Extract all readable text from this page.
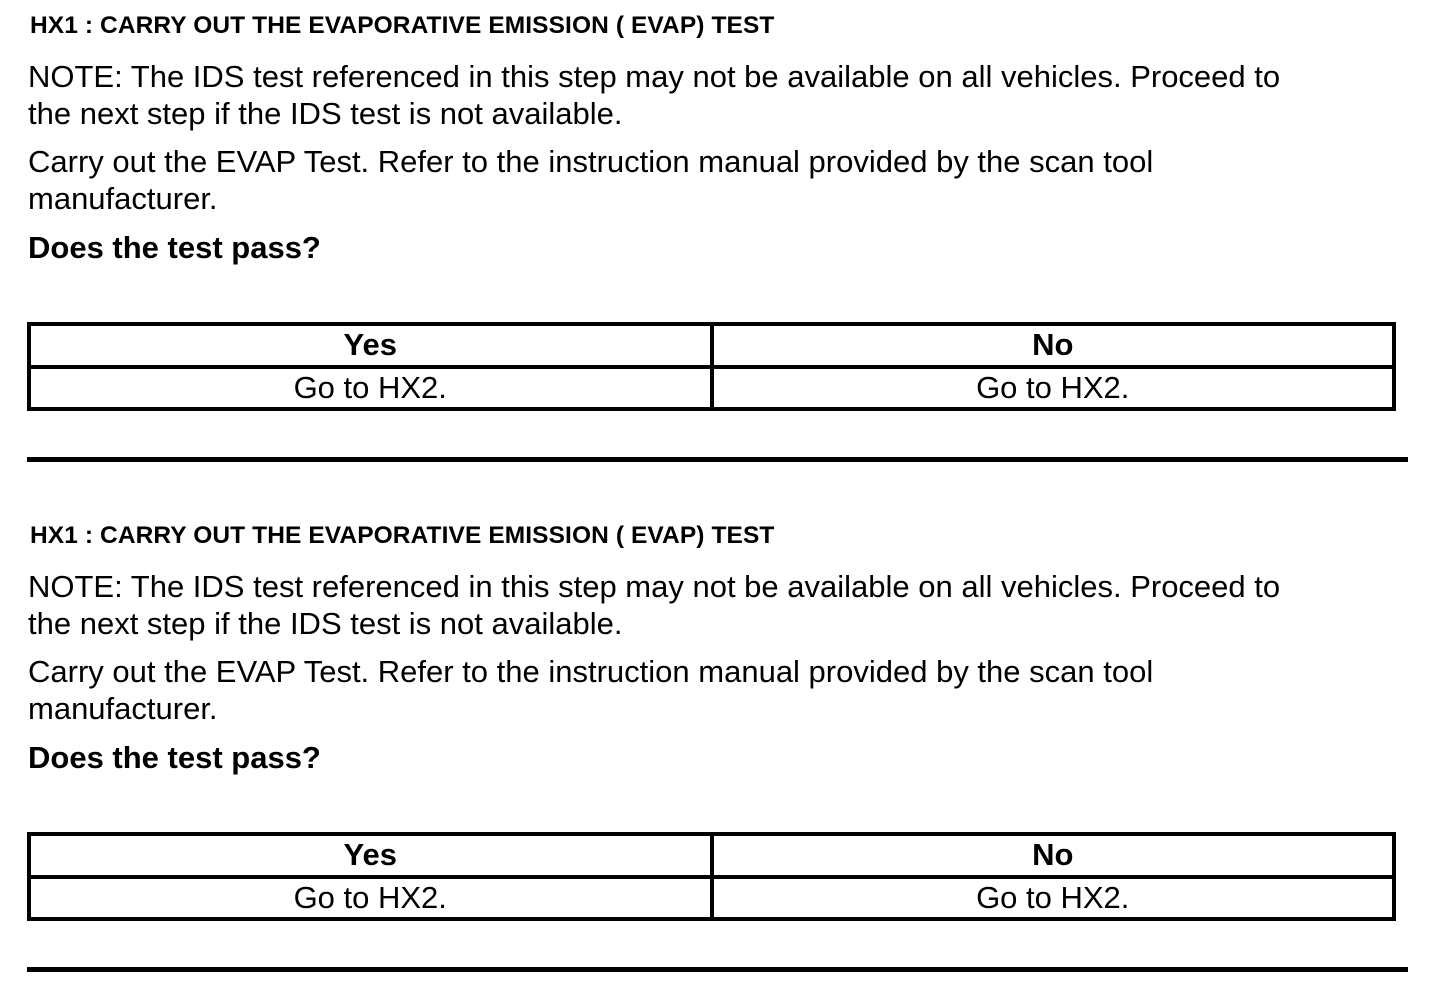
HX1 : CARRY OUT THE EVAPORATIVE EMISSION ( EVAP) TEST
NOTE: The IDS test referenced in this step may not be available on all vehicles. Proceed to
the next step if the IDS test is not available.
Carry out the EVAP Test. Refer to the instruction manual provided by the scan tool
manufacturer.
Does the test pass?
Yes	No
Go to HX2.	Go to HX2.
HX1 : CARRY OUT THE EVAPORATIVE EMISSION ( EVAP) TEST
NOTE: The IDS test referenced in this step may not be available on all vehicles. Proceed to
the next step if the IDS test is not available.
Carry out the EVAP Test. Refer to the instruction manual provided by the scan tool
manufacturer.
Does the test pass?
Yes	No
Go to HX2.	Go to HX2.
